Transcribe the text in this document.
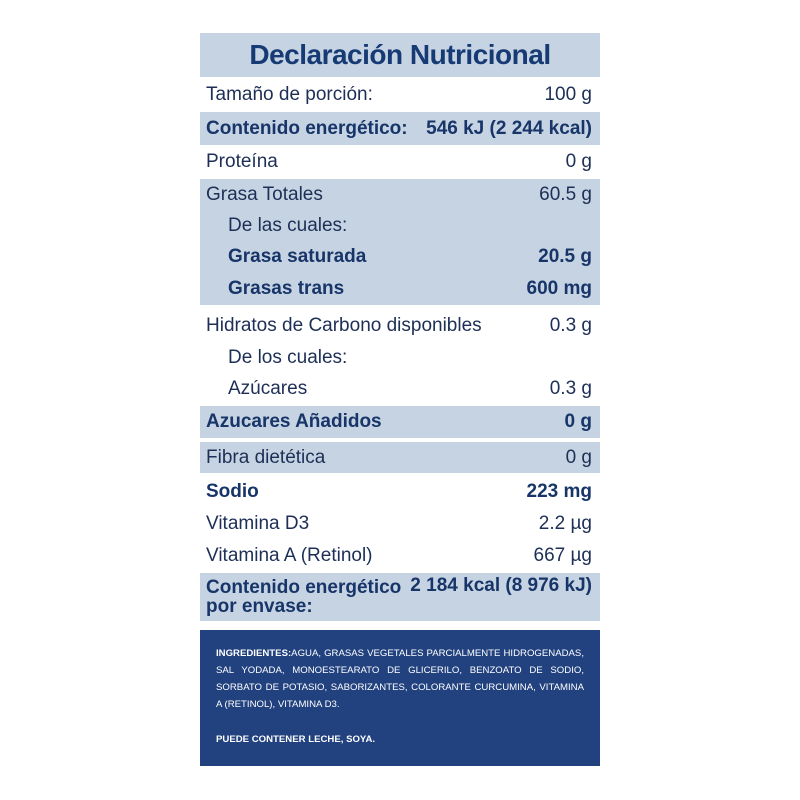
Declaración Nutricional
Tamaño de porción:	100 g
Contenido energético: 546 kJ (2 244 kcal)
Proteína	0 g
Grasa Totales	60.5 g
De las cuales:
Grasa saturada	20.5 g
Grasas trans	600 mg
Hidratos de Carbono disponibles	0.3 g
De los cuales:
Azúcares	0.3 g
Azucares Añadidos	0 g
Fibra dietética	0 g
Sodio	223 mg
Vitamina D3	2.2 µg
Vitamina A (Retinol)	667 µg
Contenido energético
por envase:
2 184 kcal (8 976 kJ)
INGREDIENTES:AGUA, GRASAS VEGETALES PARCIALMENTE HIDROGENADAS, SAL YODADA, MONOESTEARATO DE GLICERILO, BENZOATO DE SODIO, SORBATO DE POTASIO, SABORIZANTES, COLORANTE CURCUMINA, VITAMINA A (RETINOL), VITAMINA D3.
PUEDE CONTENER LECHE, SOYA.
